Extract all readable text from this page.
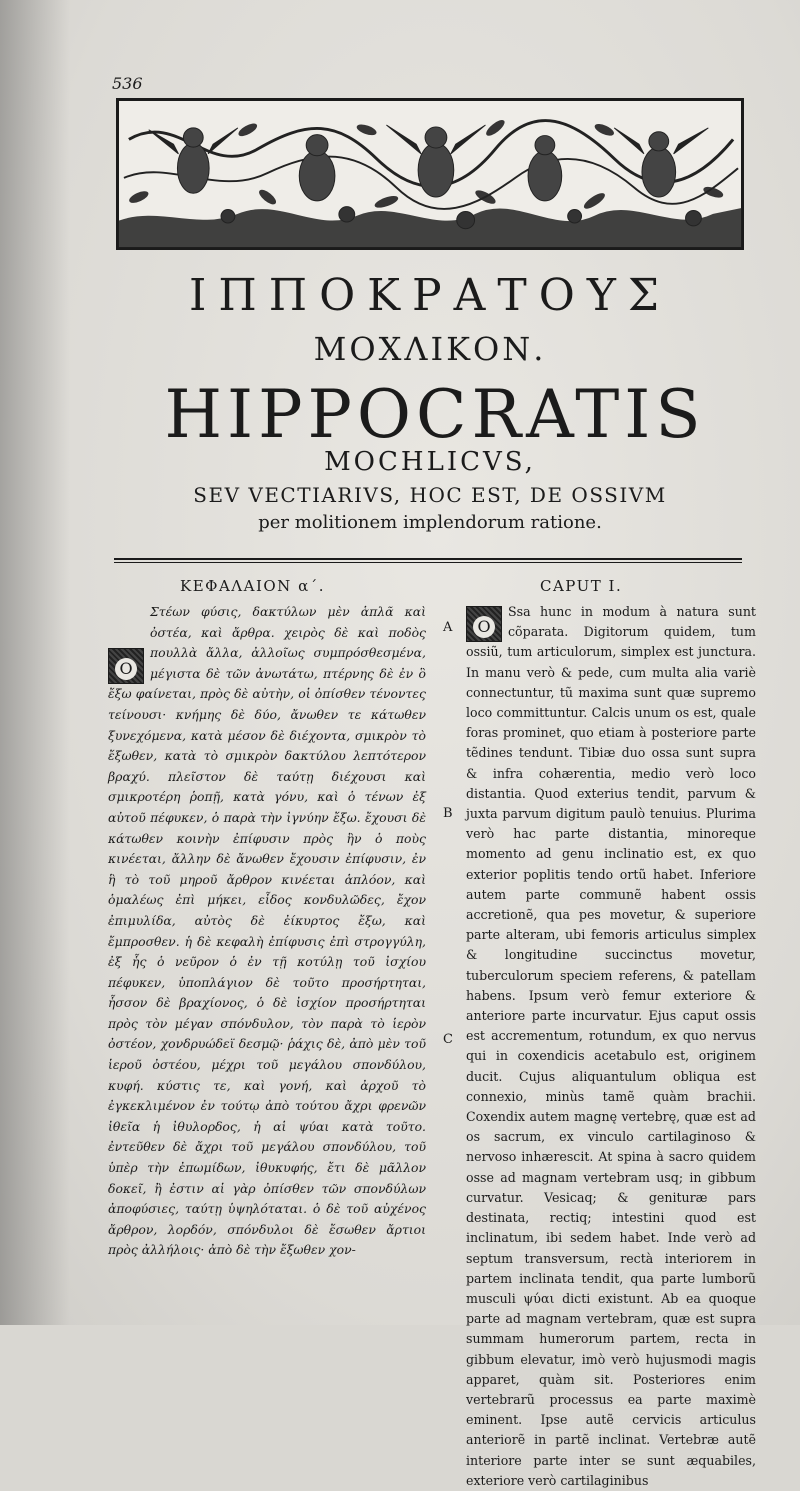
536
ΙΠΠΟΚΡΑΤΟΥΣ
ΜΟΧΛΙΚΟΝ.
HIPPOCRATIS
MOCHLICVS,
SEV VECTIARIVS, HOC EST, DE OSSIVM
per molitionem implendorum ratione.
ΚΕΦΑΛΑΙΟΝ α΄.	CAPUT I.
Ο

Στέων φύσις, δακτύλων μὲν ἁπλᾶ καὶ ὀστέα, καὶ ἄρθρα. χειρὸς δὲ καὶ ποδὸς πουλλὰ ἄλλα, ἀλλοῖως συμπρόσθεσμένα, μέγιστα δὲ τῶν ἀνωτάτω, πτέρνης δὲ ἐν ὃ ἔξω φαίνεται, πρὸς δὲ αὐτὴν, οἱ ὀπίσθεν τένοντες τείνουσι· κνήμης δὲ δύο, ἄνωθεν τε κάτωθεν ξυνεχόμενα, κατὰ μέσον δὲ διέχοντα, σμικρὸν τὸ ἔξωθεν, κατὰ τὸ σμικρὸν δακτύλου λεπτότερον βραχύ. πλεῖστον δὲ ταύτῃ διέχουσι καὶ σμικροτέρη ῥοπῇ, κατὰ γόνυ, καὶ ὁ τένων ἐξ αὐτοῦ πέφυκεν, ὁ παρὰ τὴν ἰγνύην ἔξω. ἔχουσι δὲ κάτωθεν κοινὴν ἐπίφυσιν πρὸς ἣν ὁ ποὺς κινέεται, ἄλλην δὲ ἄνωθεν ἔχουσιν ἐπίφυσιν, ἐν ἣ τὸ τοῦ μηροῦ ἄρθρον κινέεται ἁπλόον, καὶ ὁμαλέως ἐπὶ μήκει, εἶδος κονδυλῶδες, ἔχον ἐπιμυλίδα, αὐτὸς δὲ ἐίκυρτος ἔξω, καὶ ἔμπροσθεν. ἡ δὲ κεφαλὴ ἐπίφυσις ἐπὶ στρογγύλη, ἐξ ἧς ὁ νεῦρον ὁ ἐν τῇ κοτύλῃ τοῦ ἰσχίου πέφυκεν, ὑποπλάγιον δὲ τοῦτο προσήρτηται, ἧσσον δὲ βραχίονος, ὁ δὲ ἰσχίον προσήρτηται πρὸς τὸν μέγαν σπόνδυλον, τὸν παρὰ τὸ ἱερὸν ὀστέον, χονδρυώδεϊ δεσμῷ· ῥάχις δὲ, ἀπὸ μὲν τοῦ ἱεροῦ ὀστέου, μέχρι τοῦ μεγάλου σπονδύλου, κυφή. κύστις τε, καὶ γονή, καὶ ἀρχοῦ τὸ ἐγκεκλιμένον ἐν τούτῳ ἀπὸ τούτου ἄχρι φρενῶν ἰθεῖα ἡ ἰθυλορδος, ἡ αἱ ψύαι κατὰ τοῦτο. ἐντεῦθεν δὲ ἄχρι τοῦ μεγάλου σπονδύλου, τοῦ ὑπὲρ τὴν ἐπωμίδων, ἰθυκυφής, ἔτι δὲ μᾶλλον δοκεῖ, ἢ ἐστιν αἱ γὰρ ὀπίσθεν τῶν σπονδύλων ἀποφύσιες, ταύτῃ ὑψηλόταται. ὁ δὲ τοῦ αὐχένος ἄρθρον, λορδόν, σπόνδυλοι δὲ ἔσωθεν ἄρτιοι πρὸς ἀλλήλοις· ἀπὸ δὲ τὴν ἔξωθεν χον-

O

Ssa hunc in modum à natura sunt cõparata. Digitorum quidem, tum ossiũ, tum articulorum, simplex est junctura. In manu verò & pede, cum multa alia variè connectuntur, tũ maxima sunt quæ supremo loco committuntur. Calcis unum os est, quale foras prominet, quo etiam à posteriore parte tẽdines tendunt. Tibiæ duo ossa sunt supra & infra cohærentia, medio verò loco distantia. Quod exterius tendit, parvum & juxta parvum digitum paulò tenuius. Plurima verò hac parte distantia, minoreque momento ad genu inclinatio est, ex quo exterior poplitis tendo ortũ habet. Inferiore autem parte communẽ habent ossis accretionẽ, qua pes movetur, & superiore parte alteram, ubi femoris articulus simplex & longitudine succinctus movetur, tuberculorum speciem referens, & patellam habens. Ipsum verò femur exteriore & anteriore parte incurvatur. Ejus caput ossis est accrementum, rotundum, ex quo nervus qui in coxendicis acetabulo est, originem ducit. Cujus aliquantulum obliqua est connexio, minùs tamẽ quàm brachii. Coxendix autem magnę vertebrę, quæ est ad os sacrum, ex vinculo cartilaginoso & nervoso inhærescit. At spina à sacro quidem osse ad magnam vertebram usq; in gibbum curvatur. Vesicaq; & genituræ pars destinata, rectiq; intestini quod est inclinatum, ibi sedem habet. Inde verò ad septum transversum, rectà interiorem in partem inclinata tendit, qua parte lumborũ musculi ψύαι dicti existunt. Ab ea quoque parte ad magnam vertebram, quæ est supra summam humerorum partem, recta in gibbum elevatur, imò verò hujusmodi magis apparet, quàm sit. Posteriores enim vertebrarũ processus ea parte maximè eminent. Ipse autẽ cervicis articulus anteriorẽ in partẽ inclinat. Vertebræ autẽ interiore parte inter se sunt æquabiles, exteriore verò cartilaginibus

A
B
C
